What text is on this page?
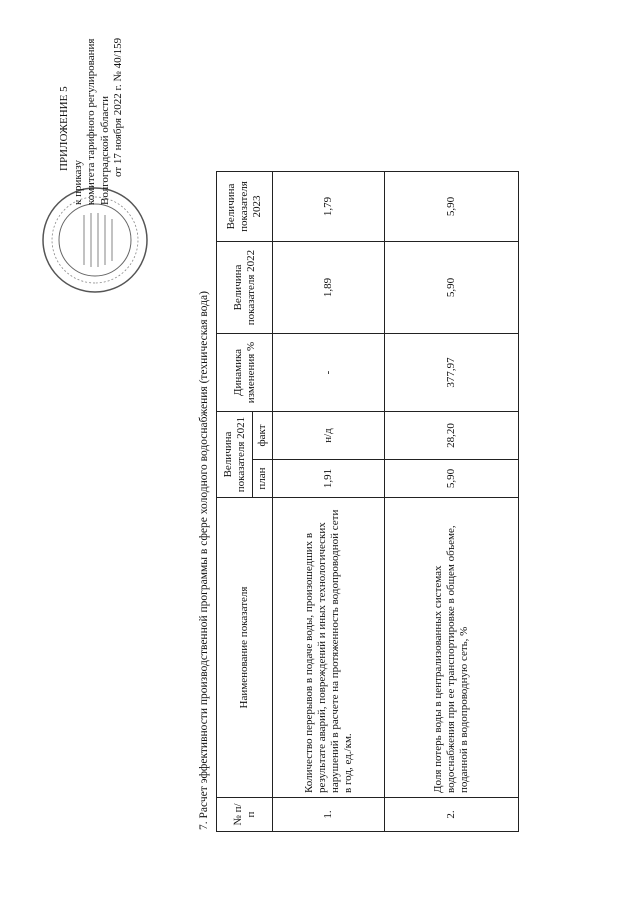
ПРИЛОЖЕНИЕ 5
к приказу комитета тарифного регулирования Волгоградской области от 17 ноября 2022 г. № 40/159
7. Расчет эффективности производственной программы в сфере холодного водоснабжения (техническая вода) № п/п	Наименование показателя	Величина показателя 2021		Динамика изменения %	Величина показателя 2022	Величина показателя 2023
		план	факт			
1.	Количество перерывов в подаче воды, произошедших в результате аварий, повреждений и иных технологических нарушений в расчете на протяженность водопроводной сети в год, ед./км.	1,91	н/д	-	1,89	1,79
2.	Доля потерь воды в централизованных системах водоснабжения при ее транспортировке в общем объеме, поданной в водопроводную сеть, %	5,90	28,20	377,97	5,90	5,90
